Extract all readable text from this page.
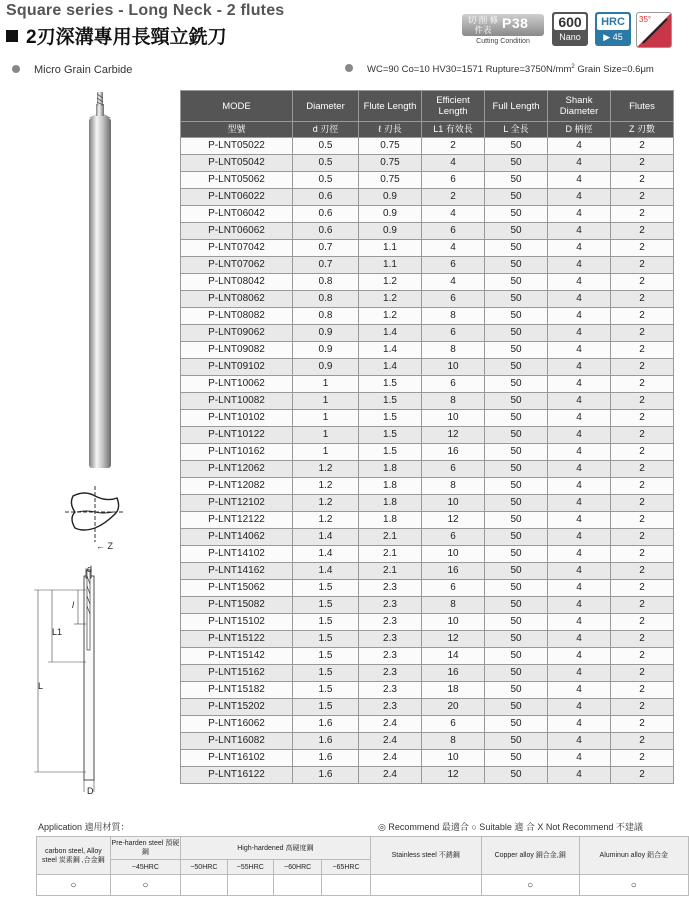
Square series - Long Neck - 2 flutes
2刃深溝專用長頸立銑刀
Micro Grain Carbide	WC=90 Co=10 HV30=1571 $Rupture=3750N/mm^2$ Grain Size=0.6μm
切 削 條件表 P38
Cutting Condition
600
Nano
HRC
▶ 45
35°
← Z
d
l
L1
L
D
MODE	Diameter	Flute Length	Efficient Length	Full Length	Shank Diameter	Flutes
型號	d 刃徑	ℓ 刃長	L1 有效長	L 全長	D 柄徑	Z 刃數
P-LNT05022	0.5	0.75	2	50	4	2
P-LNT05042	0.5	0.75	4	50	4	2
P-LNT05062	0.5	0.75	6	50	4	2
P-LNT06022	0.6	0.9	2	50	4	2
P-LNT06042	0.6	0.9	4	50	4	2
P-LNT06062	0.6	0.9	6	50	4	2
P-LNT07042	0.7	1.1	4	50	4	2
P-LNT07062	0.7	1.1	6	50	4	2
P-LNT08042	0.8	1.2	4	50	4	2
P-LNT08062	0.8	1.2	6	50	4	2
P-LNT08082	0.8	1.2	8	50	4	2
P-LNT09062	0.9	1.4	6	50	4	2
P-LNT09082	0.9	1.4	8	50	4	2
P-LNT09102	0.9	1.4	10	50	4	2
P-LNT10062	1	1.5	6	50	4	2
P-LNT10082	1	1.5	8	50	4	2
P-LNT10102	1	1.5	10	50	4	2
P-LNT10122	1	1.5	12	50	4	2
P-LNT10162	1	1.5	16	50	4	2
P-LNT12062	1.2	1.8	6	50	4	2
P-LNT12082	1.2	1.8	8	50	4	2
P-LNT12102	1.2	1.8	10	50	4	2
P-LNT12122	1.2	1.8	12	50	4	2
P-LNT14062	1.4	2.1	6	50	4	2
P-LNT14102	1.4	2.1	10	50	4	2
P-LNT14162	1.4	2.1	16	50	4	2
P-LNT15062	1.5	2.3	6	50	4	2
P-LNT15082	1.5	2.3	8	50	4	2
P-LNT15102	1.5	2.3	10	50	4	2
P-LNT15122	1.5	2.3	12	50	4	2
P-LNT15142	1.5	2.3	14	50	4	2
P-LNT15162	1.5	2.3	16	50	4	2
P-LNT15182	1.5	2.3	18	50	4	2
P-LNT15202	1.5	2.3	20	50	4	2
P-LNT16062	1.6	2.4	6	50	4	2
P-LNT16082	1.6	2.4	8	50	4	2
P-LNT16102	1.6	2.4	10	50	4	2
P-LNT16122	1.6	2.4	12	50	4	2
Application 適用材質：	◎ Recommend 最適合 ○ Suitable 適 合 X Not Recommend 不建議
carbon steel, Alloy steel 炭素鋼 ,合金鋼	Pre-harden steel 預硬鋼	High-hardened 高硬度鋼				Stainless steel 不銹鋼	Copper alloy 銅合金,銅	Aluminun alloy 鋁合金
	~45HRC	~50HRC	~55HRC	~60HRC	~65HRC			
○	○						○	○
